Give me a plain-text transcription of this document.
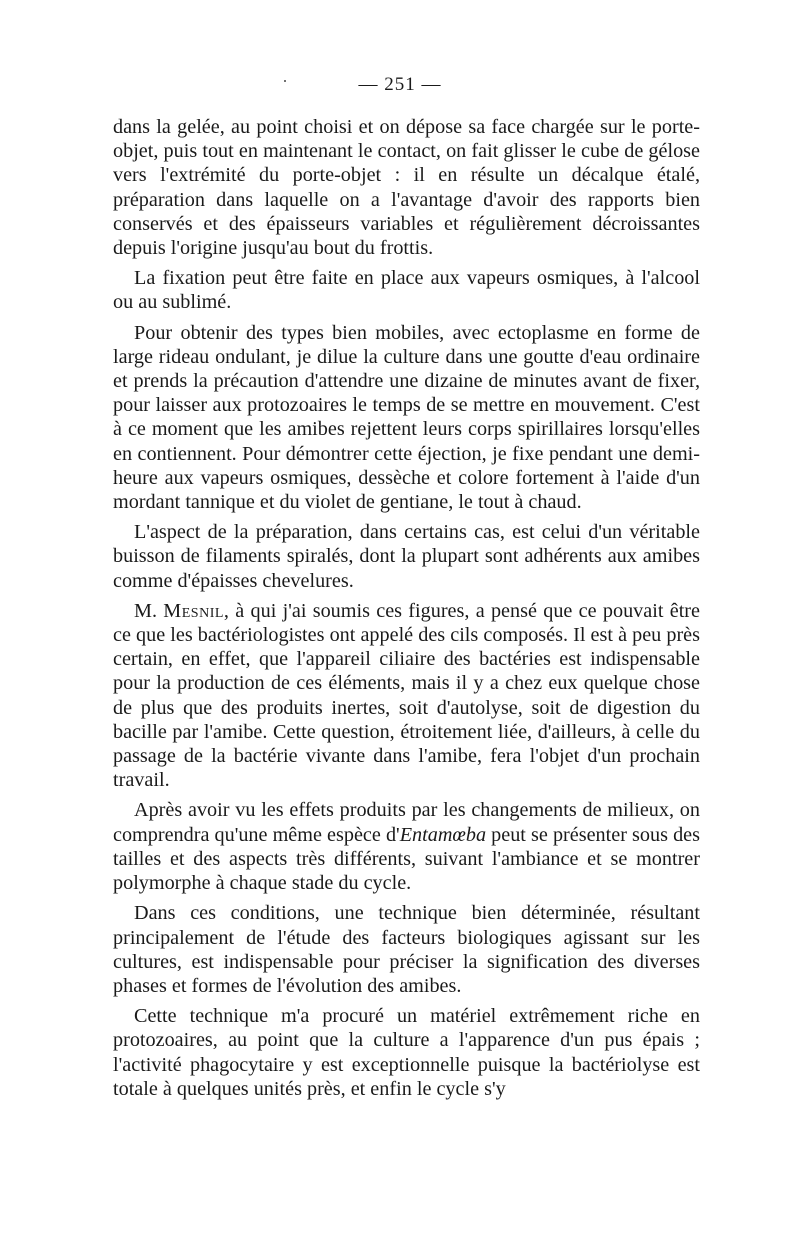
— 251 —

dans la gelée, au point choisi et on dépose sa face chargée sur le porte-objet, puis tout en maintenant le contact, on fait glisser le cube de gélose vers l'extrémité du porte-objet : il en résulte un décalque étalé, préparation dans laquelle on a l'avantage d'avoir des rapports bien conservés et des épaisseurs variables et régulièrement décroissantes depuis l'origine jusqu'au bout du frottis.

La fixation peut être faite en place aux vapeurs osmiques, à l'alcool ou au sublimé.

Pour obtenir des types bien mobiles, avec ectoplasme en forme de large rideau ondulant, je dilue la culture dans une goutte d'eau ordinaire et prends la précaution d'attendre une dizaine de minutes avant de fixer, pour laisser aux protozoaires le temps de se mettre en mouvement. C'est à ce moment que les amibes rejettent leurs corps spirillaires lorsqu'elles en contiennent. Pour démontrer cette éjection, je fixe pendant une demi-heure aux vapeurs osmiques, dessèche et colore fortement à l'aide d'un mordant tannique et du violet de gentiane, le tout à chaud.

L'aspect de la préparation, dans certains cas, est celui d'un véritable buisson de filaments spiralés, dont la plupart sont adhérents aux amibes comme d'épaisses chevelures.

M. Mesnil, à qui j'ai soumis ces figures, a pensé que ce pouvait être ce que les bactériologistes ont appelé des cils composés. Il est à peu près certain, en effet, que l'appareil ciliaire des bactéries est indispensable pour la production de ces éléments, mais il y a chez eux quelque chose de plus que des produits inertes, soit d'autolyse, soit de digestion du bacille par l'amibe. Cette question, étroitement liée, d'ailleurs, à celle du passage de la bactérie vivante dans l'amibe, fera l'objet d'un prochain travail.

Après avoir vu les effets produits par les changements de milieux, on comprendra qu'une même espèce d'Entamœba peut se présenter sous des tailles et des aspects très différents, suivant l'ambiance et se montrer polymorphe à chaque stade du cycle.

Dans ces conditions, une technique bien déterminée, résultant principalement de l'étude des facteurs biologiques agissant sur les cultures, est indispensable pour préciser la signification des diverses phases et formes de l'évolution des amibes.

Cette technique m'a procuré un matériel extrêmement riche en protozoaires, au point que la culture a l'apparence d'un pus épais ; l'activité phagocytaire y est exceptionnelle puisque la bactériolyse est totale à quelques unités près, et enfin le cycle s'y
